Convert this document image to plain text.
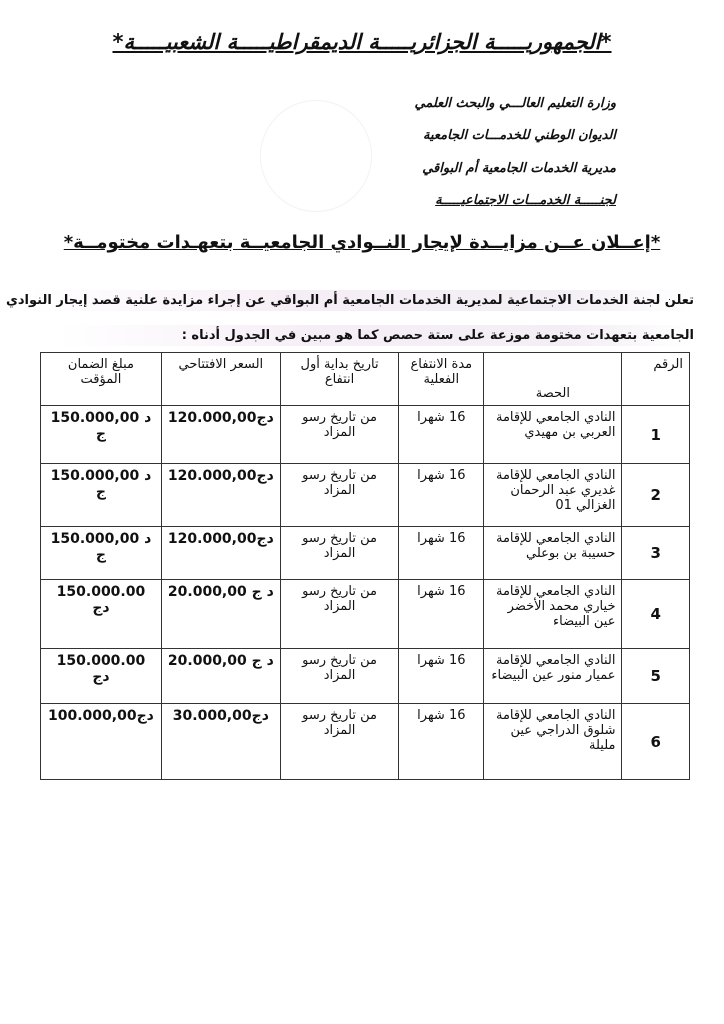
*الجمهوريـــــة الجزائريـــــة الديمقراطيـــــة الشعبيـــــة*
وزارة التعليم العالـــي والبحث العلمي
الديوان الوطني للخدمـــات الجامعية
مديرية الخدمات الجامعية أم البواقي
لجنـــــة الخدمـــات الاجتماعيـــــة
*إعــلان عــن مزايــدة لإيجار النــوادي الجامعيــة بتعهـدات مختومــة*
تعلن لجنة الخدمات الاجتماعية لمديرية الخدمات الجامعية أم البواقي عن إجراء مزايدة علنية قصد إيجار النوادي
الجامعية بتعهدات مختومة موزعة على ستة حصص كما هو مبين في الجدول أدناه :
الرقم	الحصة	مدة الانتفاع الفعلية	تاريخ بداية أول انتفاع	السعر الافتتاحي	مبلغ الضمان المؤقت
1	النادي الجامعي للإقامة العربي بن مهيدي	16 شهرا	من تاريخ رسو المزاد	120.000,00دج	150.000,00 د ج
2	النادي الجامعي للإقامة غديري عبد الرحمان الغزالي 01	16 شهرا	من تاريخ رسو المزاد	120.000,00دج	150.000,00 د ج
3	النادي الجامعي للإقامة حسيبة بن بوعلي	16 شهرا	من تاريخ رسو المزاد	120.000,00دج	150.000,00 د ج
4	النادي الجامعي للإقامة خياري محمد الأخضر عين البيضاء	16 شهرا	من تاريخ رسو المزاد	20.000,00 د ج	150.000.00 دج
5	النادي الجامعي للإقامة عميار منور عين البيضاء	16 شهرا	من تاريخ رسو المزاد	20.000,00 د ج	150.000.00 دج
6	النادي الجامعي للإقامة شلوق الدراجي عين مليلة	16 شهرا	من تاريخ رسو المزاد	30.000,00دج	100.000,00دج
